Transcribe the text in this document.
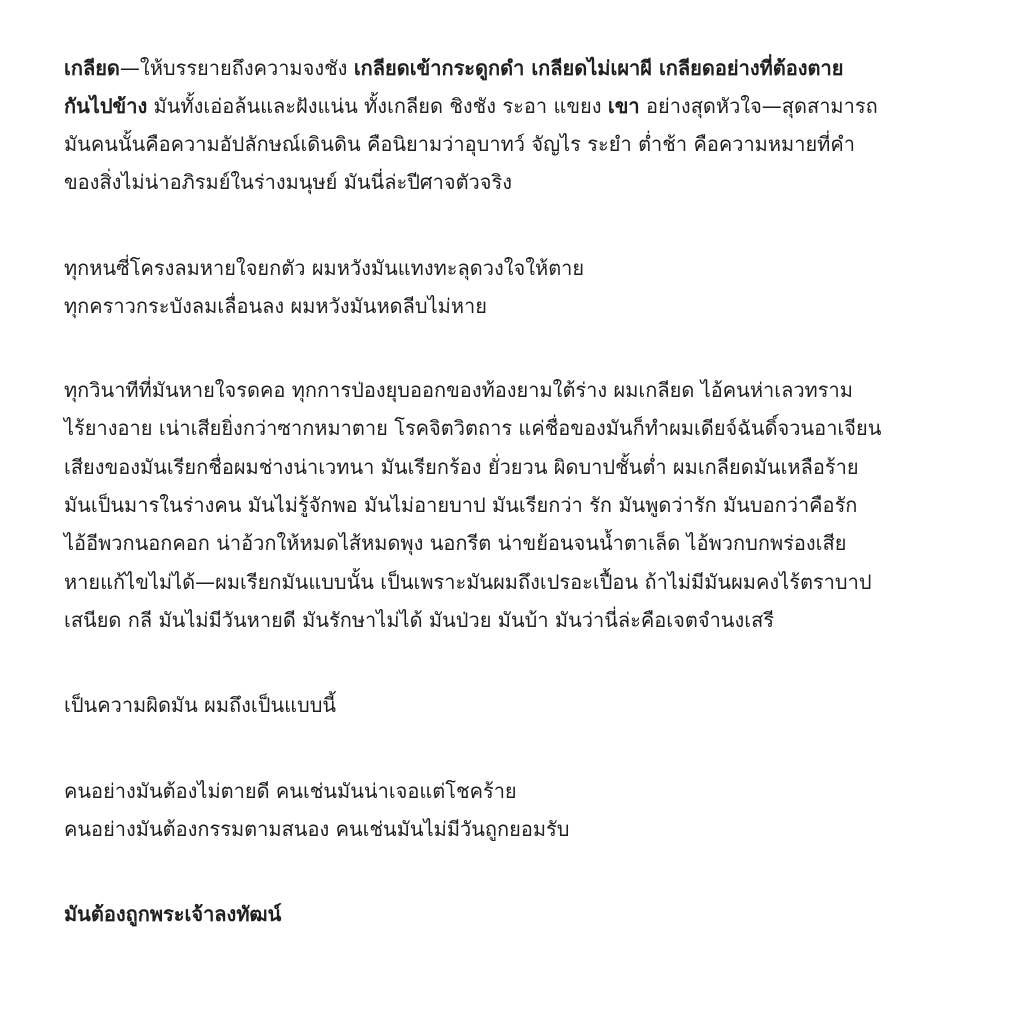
เกลียด—ให้บรรยายถึงความจงชัง เกลียดเข้ากระดูกดำ เกลียดไม่เผาผี เกลียดอย่างที่ต้องตาย
กันไปข้าง มันทั้งเอ่อล้นและฝังแน่น ทั้งเกลียด ชิงชัง ระอา แขยง เขา อย่างสุดหัวใจ—สุดสามารถ
มันคนนั้นคือความอัปลักษณ์เดินดิน คือนิยามว่าอุบาทว์ จัญไร ระยำ ต่ำช้า คือความหมายที่คำ
ของสิ่งไม่น่าอภิรมย์ในร่างมนุษย์ มันนี่ล่ะปีศาจตัวจริง
ทุกหนซี่โครงลมหายใจยกตัว ผมหวังมันแทงทะลุดวงใจให้ตาย
ทุกคราวกระบังลมเลื่อนลง ผมหวังมันหดลีบไม่หาย
ทุกวินาทีที่มันหายใจรดคอ ทุกการป่องยุบออกของท้องยามใต้ร่าง ผมเกลียด ไอ้คนห่าเลวทราม
ไร้ยางอาย เน่าเสียยิ่งกว่าซากหมาตาย โรคจิตวิตถาร แค่ชื่อของมันก็ทำผมเดียจ์ฉันดิ์จวนอาเจียน
เสียงของมันเรียกชื่อผมช่างน่าเวทนา มันเรียกร้อง ยั่วยวน ผิดบาปชั้นต่ำ ผมเกลียดมันเหลือร้าย
มันเป็นมารในร่างคน มันไม่รู้จักพอ มันไม่อายบาป มันเรียกว่า รัก มันพูดว่ารัก มันบอกว่าคือรัก
ไอ้อีพวกนอกคอก น่าอ้วกให้หมดไส้หมดพุง นอกรีต น่าขย้อนจนน้ำตาเล็ด ไอ้พวกบกพร่องเสีย
หายแก้ไขไม่ได้—ผมเรียกมันแบบนั้น เป็นเพราะมันผมถึงเปรอะเปื้อน ถ้าไม่มีมันผมคงไร้ตราบาป
เสนียด กลี มันไม่มีวันหายดี มันรักษาไม่ได้ มันป่วย มันบ้า มันว่านี่ล่ะคือเจตจำนงเสรี
เป็นความผิดมัน ผมถึงเป็นแบบนี้
คนอย่างมันต้องไม่ตายดี คนเช่นมันน่าเจอแต่โชคร้าย
คนอย่างมันต้องกรรมตามสนอง คนเช่นมันไม่มีวันถูกยอมรับ
มันต้องถูกพระเจ้าลงทัฒน์
